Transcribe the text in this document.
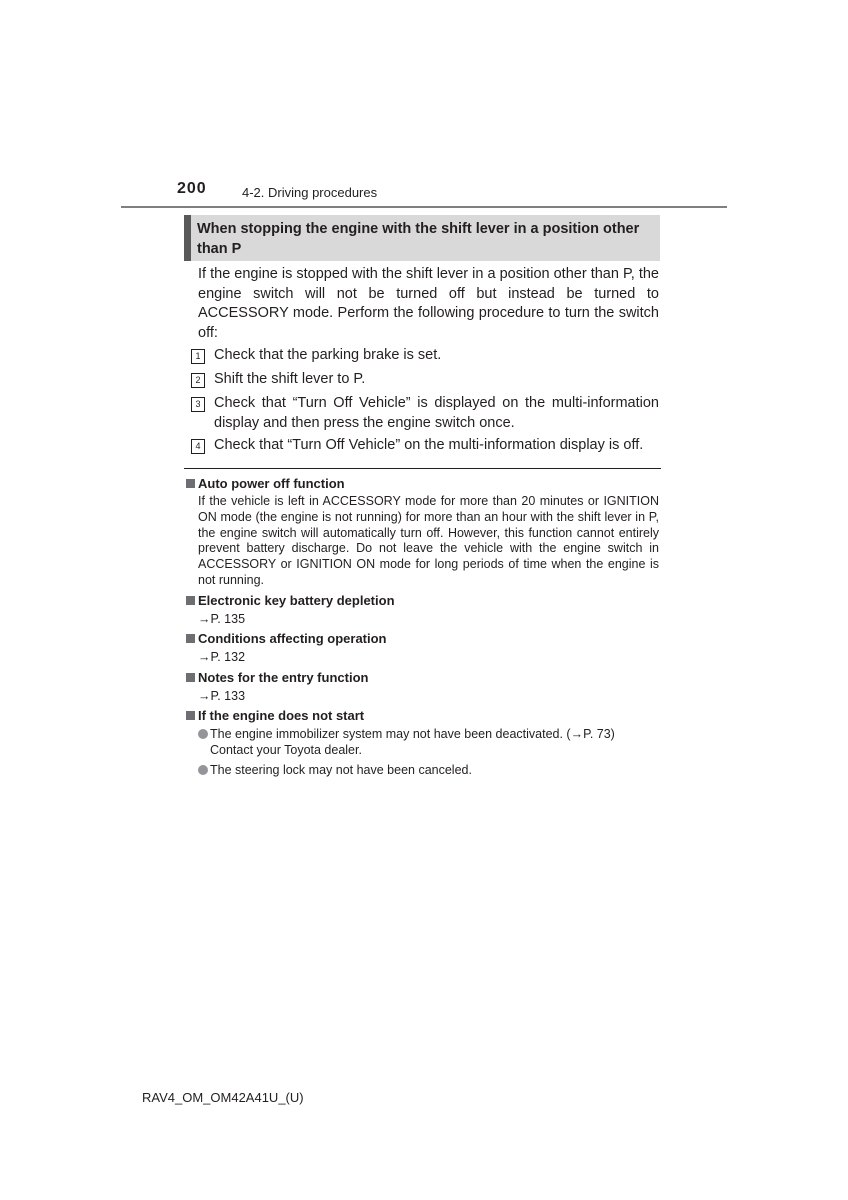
200	4-2. Driving procedures
When stopping the engine with the shift lever in a position other
than P

If the engine is stopped with the shift lever in a position other than P, the engine switch will not be turned off but instead be turned to ACCESSORY mode. Perform the following procedure to turn the switch off:

1 Check that the parking brake is set.
2 Shift the shift lever to P.
3 Check that “Turn Off Vehicle” is displayed on the multi-information display and then press the engine switch once.
4 Check that “Turn Off Vehicle” on the multi-information display is off.
Auto power off function

If the vehicle is left in ACCESSORY mode for more than 20 minutes or IGNITION ON mode (the engine is not running) for more than an hour with the shift lever in P, the engine switch will automatically turn off. However, this function cannot entirely prevent battery discharge. Do not leave the vehicle with the engine switch in ACCESSORY or IGNITION ON mode for long periods of time when the engine is not running.

Electronic key battery depletion
→P. 135
Conditions affecting operation
→P. 132
Notes for the entry function
→P. 133
If the engine does not start
The engine immobilizer system may not have been deactivated. (→P. 73)
Contact your Toyota dealer.
The steering lock may not have been canceled.
RAV4_OM_OM42A41U_(U)
